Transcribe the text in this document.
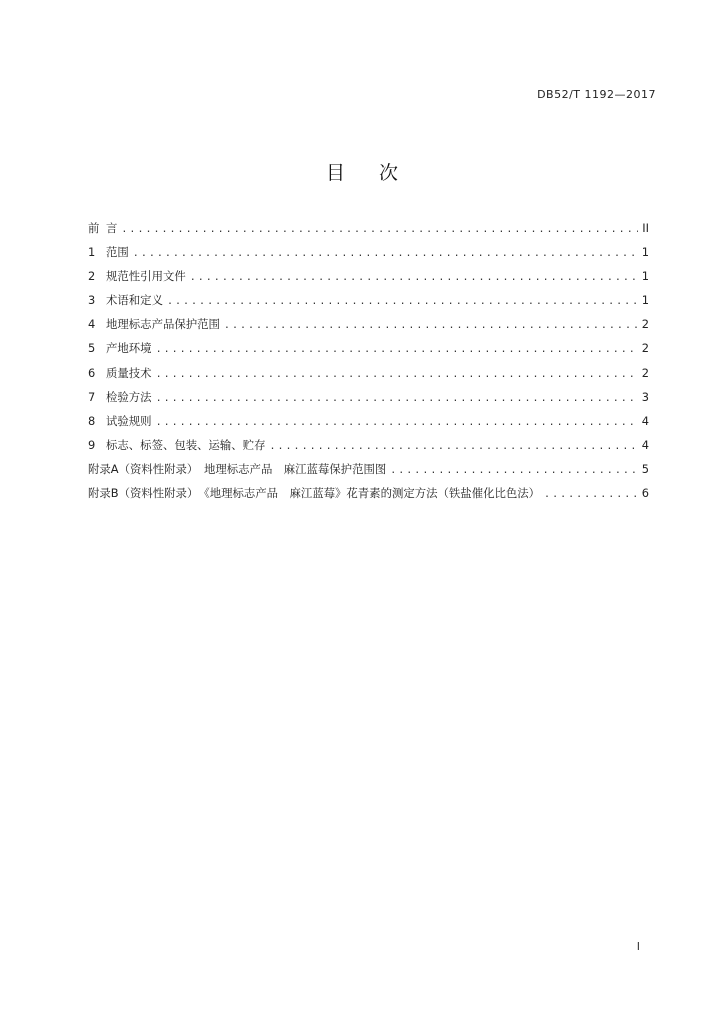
DB52/T 1192—2017
目 次
前 言 .....	II
1 范围 .....	1
2 规范性引用文件 .....	1
3 术语和定义 .....	1
4 地理标志产品保护范围 .....	2
5 产地环境 .....	2
6 质量技术 .....	2
7 检验方法 .....	3
8 试验规则 .....	4
9 标志、标签、包装、运输、贮存 .....	4
附录A（资料性附录）　地理标志产品　麻江蓝莓保护范围图 .....	5
附录B（资料性附录）　《地理标志产品　麻江蓝莓》花青素的测定方法（铁盐催化比色法） .....	6
I
